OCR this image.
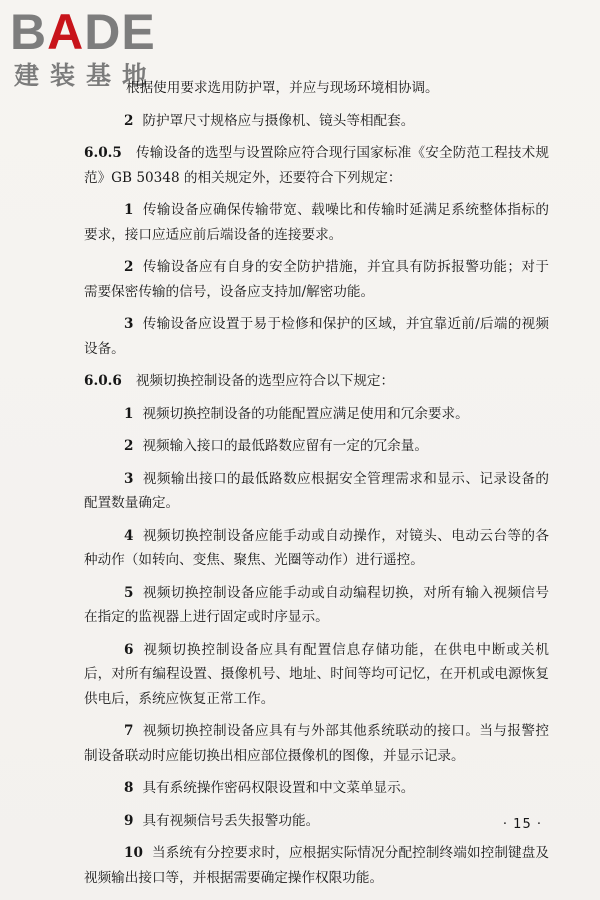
BADE
建装基地

根据使用要求选用防护罩，并应与现场环境相协调。

2 防护罩尺寸规格应与摄像机、镜头等相配套。

6.0.5 传输设备的选型与设置除应符合现行国家标准《安全防范工程技术规范》GB 50348 的相关规定外，还要符合下列规定：

1 传输设备应确保传输带宽、载噪比和传输时延满足系统整体指标的要求，接口应适应前后端设备的连接要求。

2 传输设备应有自身的安全防护措施，并宜具有防拆报警功能；对于需要保密传输的信号，设备应支持加/解密功能。

3 传输设备应设置于易于检修和保护的区域，并宜靠近前/后端的视频设备。

6.0.6 视频切换控制设备的选型应符合以下规定：

1 视频切换控制设备的功能配置应满足使用和冗余要求。

2 视频输入接口的最低路数应留有一定的冗余量。

3 视频输出接口的最低路数应根据安全管理需求和显示、记录设备的配置数量确定。

4 视频切换控制设备应能手动或自动操作，对镜头、电动云台等的各种动作（如转向、变焦、聚焦、光圈等动作）进行遥控。

5 视频切换控制设备应能手动或自动编程切换，对所有输入视频信号在指定的监视器上进行固定或时序显示。

6 视频切换控制设备应具有配置信息存储功能，在供电中断或关机后，对所有编程设置、摄像机号、地址、时间等均可记忆，在开机或电源恢复供电后，系统应恢复正常工作。

7 视频切换控制设备应具有与外部其他系统联动的接口。当与报警控制设备联动时应能切换出相应部位摄像机的图像，并显示记录。

8 具有系统操作密码权限设置和中文菜单显示。

9 具有视频信号丢失报警功能。

10 当系统有分控要求时，应根据实际情况分配控制终端如控制键盘及视频输出接口等，并根据需要确定操作权限功能。

· 15 ·
